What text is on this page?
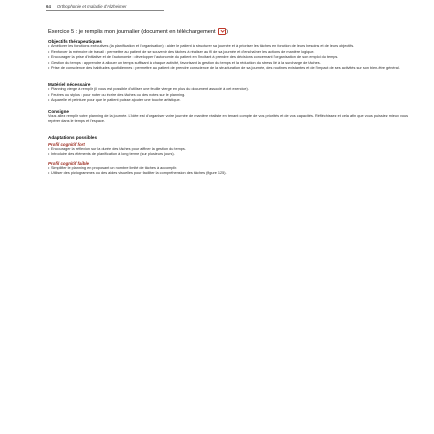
64 Orthophonie et maladie d'Alzheimer
Exercice 5 : je remplis mon journalier (document en téléchargement )
Objectifs thérapeutiques
• Améliorer les fonctions exécutives (la planification et l'organisation) : aider le patient à structurer sa journée et à prioriser les tâches en fonction de leurs besoins et de leurs objectifs.
• Renforcer la mémoire de travail : permettre au patient de se souvenir des tâches à réaliser au fil de sa journée et d'enchaîner les actions de manière logique.
• Encourager la prise d'initiative et de l'autonomie : développer l'autonomie du patient en l'incitant à prendre des décisions concernant l'organisation de son emploi du temps.
• Gestion du temps : apprendre à allouer un temps suffisant à chaque activité, favorisant la gestion du temps et la réduction du stress lié à la surcharge de tâches.
• Prise de conscience des habitudes quotidiennes : permettre au patient de prendre conscience de la structuration de sa journée, des routines existantes et de l'impact de ses activités sur son bien-être général.
Matériel nécessaire
• Planning vierge à remplir (il vous est possible d'utiliser une feuille vierge en plus du document associé à cet exercice).
• Feutres ou stylos : pour noter ou écrire des tâches ou des notes sur le planning.
• Aquarelle et peinture pour que le patient puisse ajouter une touche artistique.
Consigne
Vous allez remplir votre planning de la journée. L'idée est d'organiser votre journée de manière réaliste en tenant compte de vos priorités et de vos capacités. Réfléchissez et cela afin que vous puissiez mieux vous repérer dans le temps et l'espace.
Adaptations possibles
Profil cognitif fort
• Encourager la réflexion sur la durée des tâches pour affiner la gestion du temps.
• Introduire des éléments de planification à long terme (sur plusieurs jours).
Profil cognitif faible
• Simplifier le planning en proposant un nombre limité de tâches à accomplir.
• Utiliser des pictogrammes ou des aides visuelles pour faciliter la compréhension des tâches (figure 125).
